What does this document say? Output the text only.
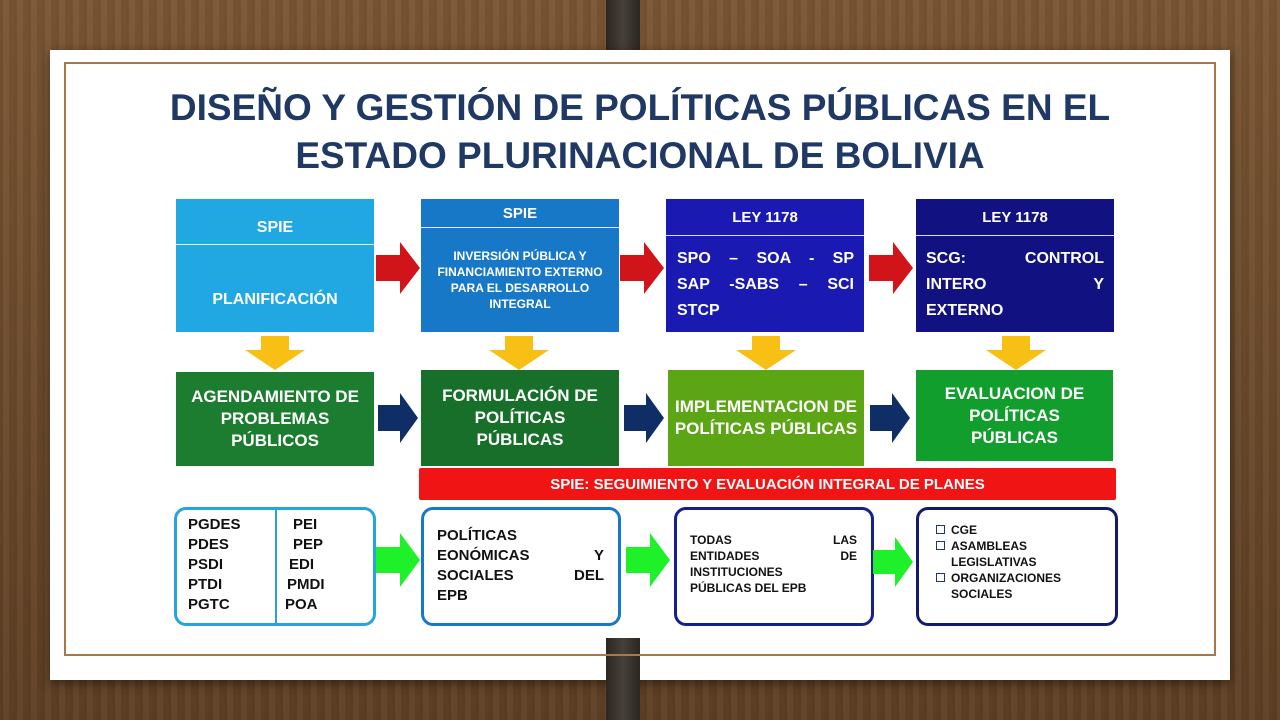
DISEÑO Y GESTIÓN DE POLÍTICAS PÚBLICAS EN EL
ESTADO PLURINACIONAL DE BOLIVIA
SPIE
PLANIFICACIÓN
SPIE
INVERSIÓN PÚBLICA Y FINANCIAMIENTO EXTERNO PARA EL DESARROLLO INTEGRAL
LEY 1178
SPO – SOA - SP
SAP -SABS – SCI
STCP
LEY 1178
SCG: CONTROL
INTERO Y
EXTERNO
AGENDAMIENTO DE PROBLEMAS PÚBLICOS
FORMULACIÓN DE POLÍTICAS PÚBLICAS
IMPLEMENTACION DE POLÍTICAS PÚBLICAS
EVALUACION DE POLÍTICAS PÚBLICAS
SPIE: SEGUIMIENTO Y EVALUACIÓN INTEGRAL DE PLANES
PGDES
PDES
PSDI
PTDI
PGTC
PEI
PEP
EDI
PMDI
POA
POLÍTICAS
EONÓMICAS Y
SOCIALES DEL
EPB
TODAS LAS
ENTIDADES DE
INSTITUCIONES
PÚBLICAS DEL EPB
CGE
ASAMBLEAS LEGISLATIVAS
ORGANIZACIONES SOCIALES
